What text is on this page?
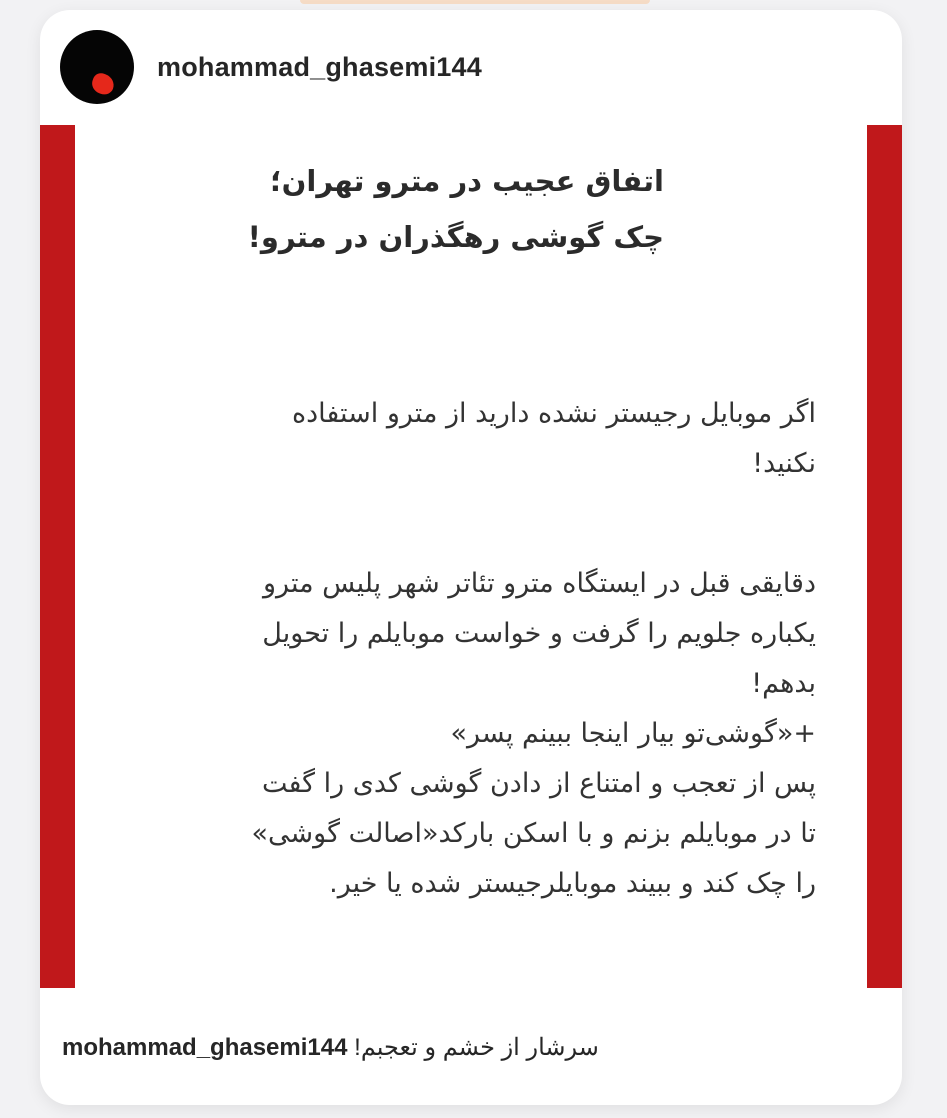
mohammad_ghasemi144
اتفاق عجیب در مترو تهران؛
چک گوشی رهگذران در مترو!
اگر موبایل رجیستر نشده دارید از مترو استفاده
نکنید!
دقایقی قبل در ایستگاه مترو تئاتر شهر پلیس مترو
یکباره جلویم را گرفت و خواست موبایلم را تحویل
بدهم!
+«گوشی‌تو بیار اینجا ببینم پسر»
پس از تعجب و امتناع از دادن گوشی کدی را گفت
تا در موبایلم بزنم و با اسکن بارکد«اصالت گوشی»
را چک کند و ببیند موبایلرجیستر شده یا خیر.
mohammad_ghasemi144 !سرشار از خشم و تعجبم
